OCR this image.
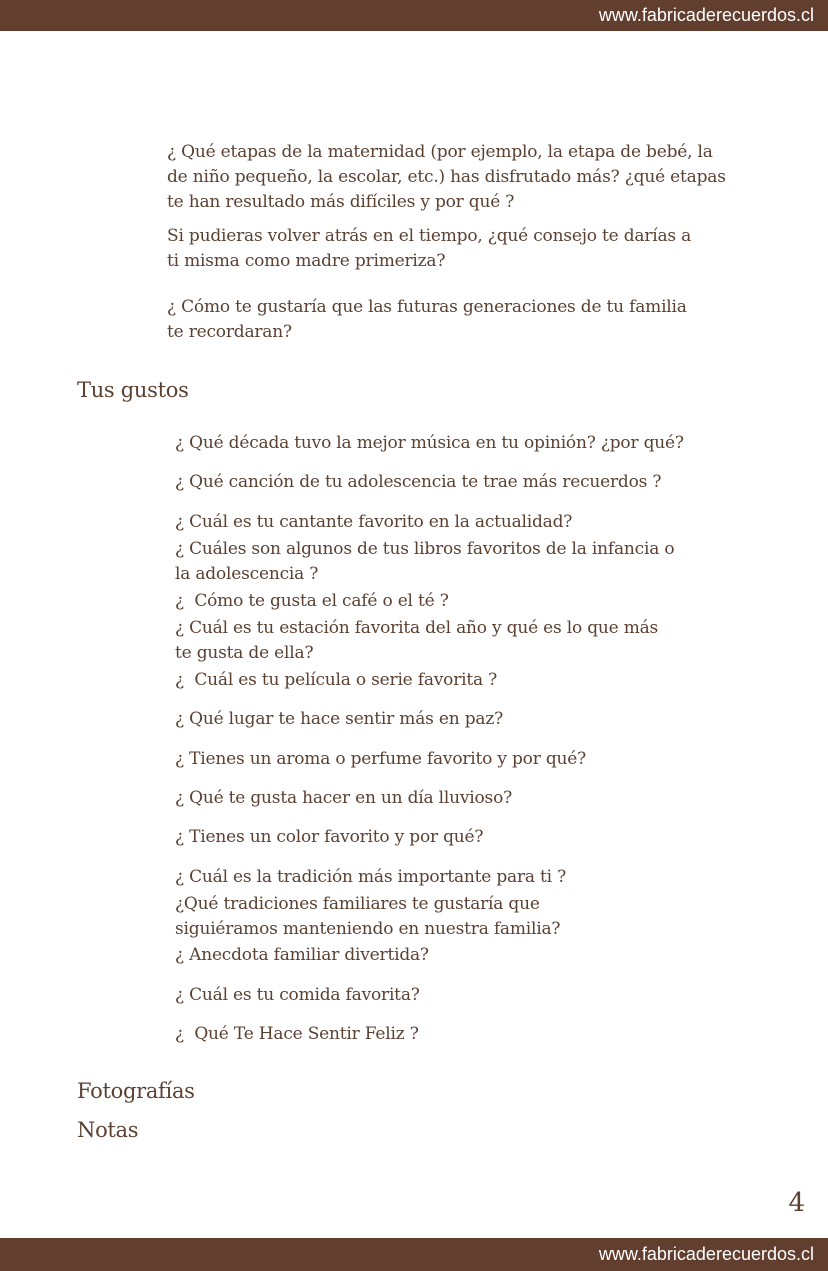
www.fabricaderecuerdos.cl

¿ Qué etapas de la maternidad (por ejemplo, la etapa de bebé, la de niño pequeño, la escolar, etc.) has disfrutado más? ¿qué etapas te han resultado más difíciles y por qué ?

Si pudieras volver atrás en el tiempo, ¿qué consejo te darías a ti misma como madre primeriza?

¿ Cómo te gustaría que las futuras generaciones de tu familia te recordaran?

Tus gustos

¿ Qué década tuvo la mejor música en tu opinión? ¿por qué?

¿ Qué canción de tu adolescencia te trae más recuerdos ?

¿ Cuál es tu cantante favorito en la actualidad?

¿ Cuáles son algunos de tus libros favoritos de la infancia o la adolescencia ?

¿  Cómo te gusta el café o el té ?

¿ Cuál es tu estación favorita del año y qué es lo que más te gusta de ella?

¿  Cuál es tu película o serie favorita ?

¿ Qué lugar te hace sentir más en paz?

¿ Tienes un aroma o perfume favorito y por qué?

¿ Qué te gusta hacer en un día lluvioso?

¿ Tienes un color favorito y por qué?

¿ Cuál es la tradición más importante para ti ?

¿Qué tradiciones familiares te gustaría que siguiéramos manteniendo en nuestra familia?

¿ Anecdota familiar divertida?

¿ Cuál es tu comida favorita?

¿  Qué Te Hace Sentir Feliz ?

Fotografías
Notas
4
www.fabricaderecuerdos.cl
